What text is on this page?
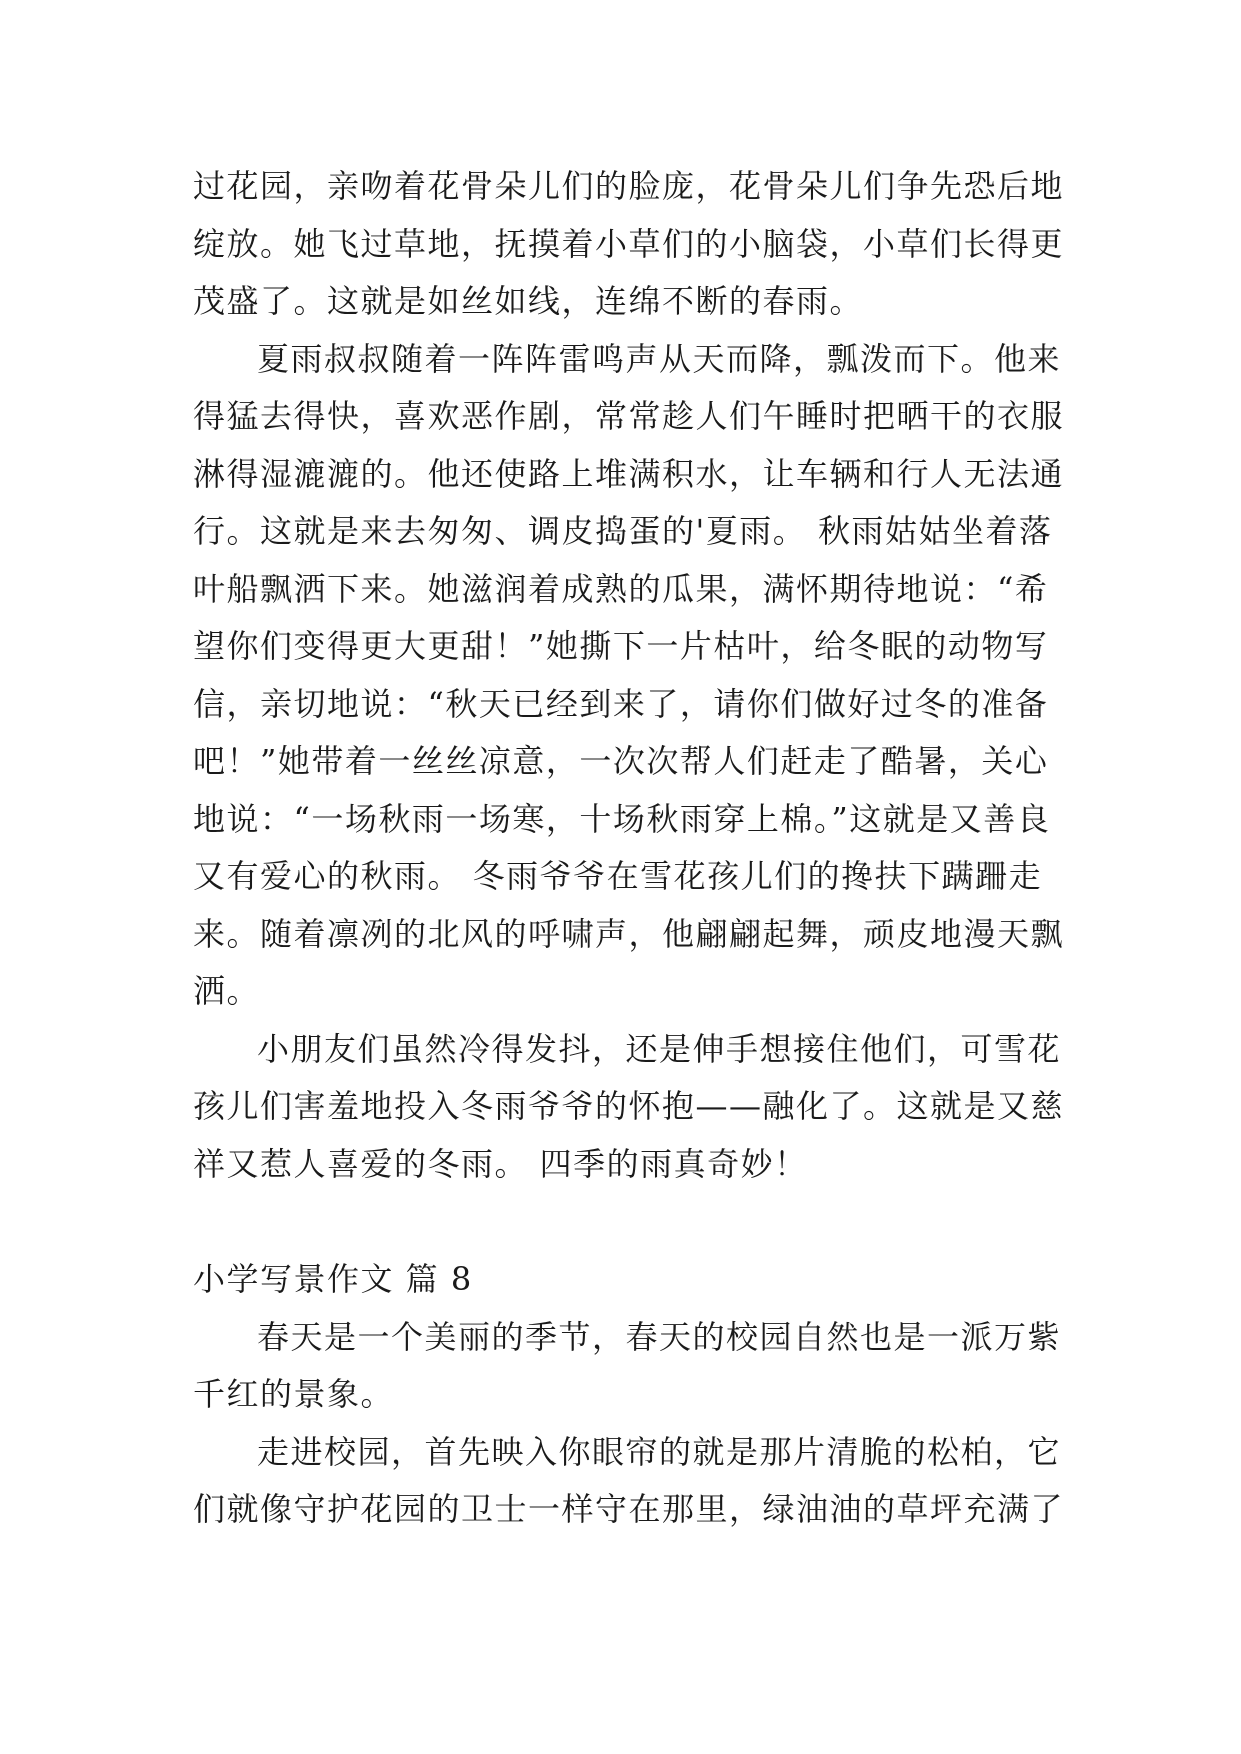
过花园，亲吻着花骨朵儿们的脸庞，花骨朵儿们争先恐后地
绽放。她飞过草地，抚摸着小草们的小脑袋，小草们长得更
茂盛了。这就是如丝如线，连绵不断的春雨。
夏雨叔叔随着一阵阵雷鸣声从天而降，瓢泼而下。他来
得猛去得快，喜欢恶作剧，常常趁人们午睡时把晒干的衣服
淋得湿漉漉的。他还使路上堆满积水，让车辆和行人无法通
行。这就是来去匆匆、调皮捣蛋的'夏雨。 秋雨姑姑坐着落
叶船飘洒下来。她滋润着成熟的瓜果，满怀期待地说：“希
望你们变得更大更甜！”她撕下一片枯叶，给冬眠的动物写
信，亲切地说：“秋天已经到来了，请你们做好过冬的准备
吧！”她带着一丝丝凉意，一次次帮人们赶走了酷暑，关心
地说：“一场秋雨一场寒，十场秋雨穿上棉。”这就是又善良
又有爱心的秋雨。 冬雨爷爷在雪花孩儿们的搀扶下蹒跚走
来。随着凛冽的北风的呼啸声，他翩翩起舞，顽皮地漫天飘
洒。
小朋友们虽然冷得发抖，还是伸手想接住他们，可雪花
孩儿们害羞地投入冬雨爷爷的怀抱——融化了。这就是又慈
祥又惹人喜爱的冬雨。 四季的雨真奇妙！
小学写景作文 篇 8
春天是一个美丽的季节，春天的校园自然也是一派万紫
千红的景象。
走进校园，首先映入你眼帘的就是那片清脆的松柏，它
们就像守护花园的卫士一样守在那里，绿油油的草坪充满了
